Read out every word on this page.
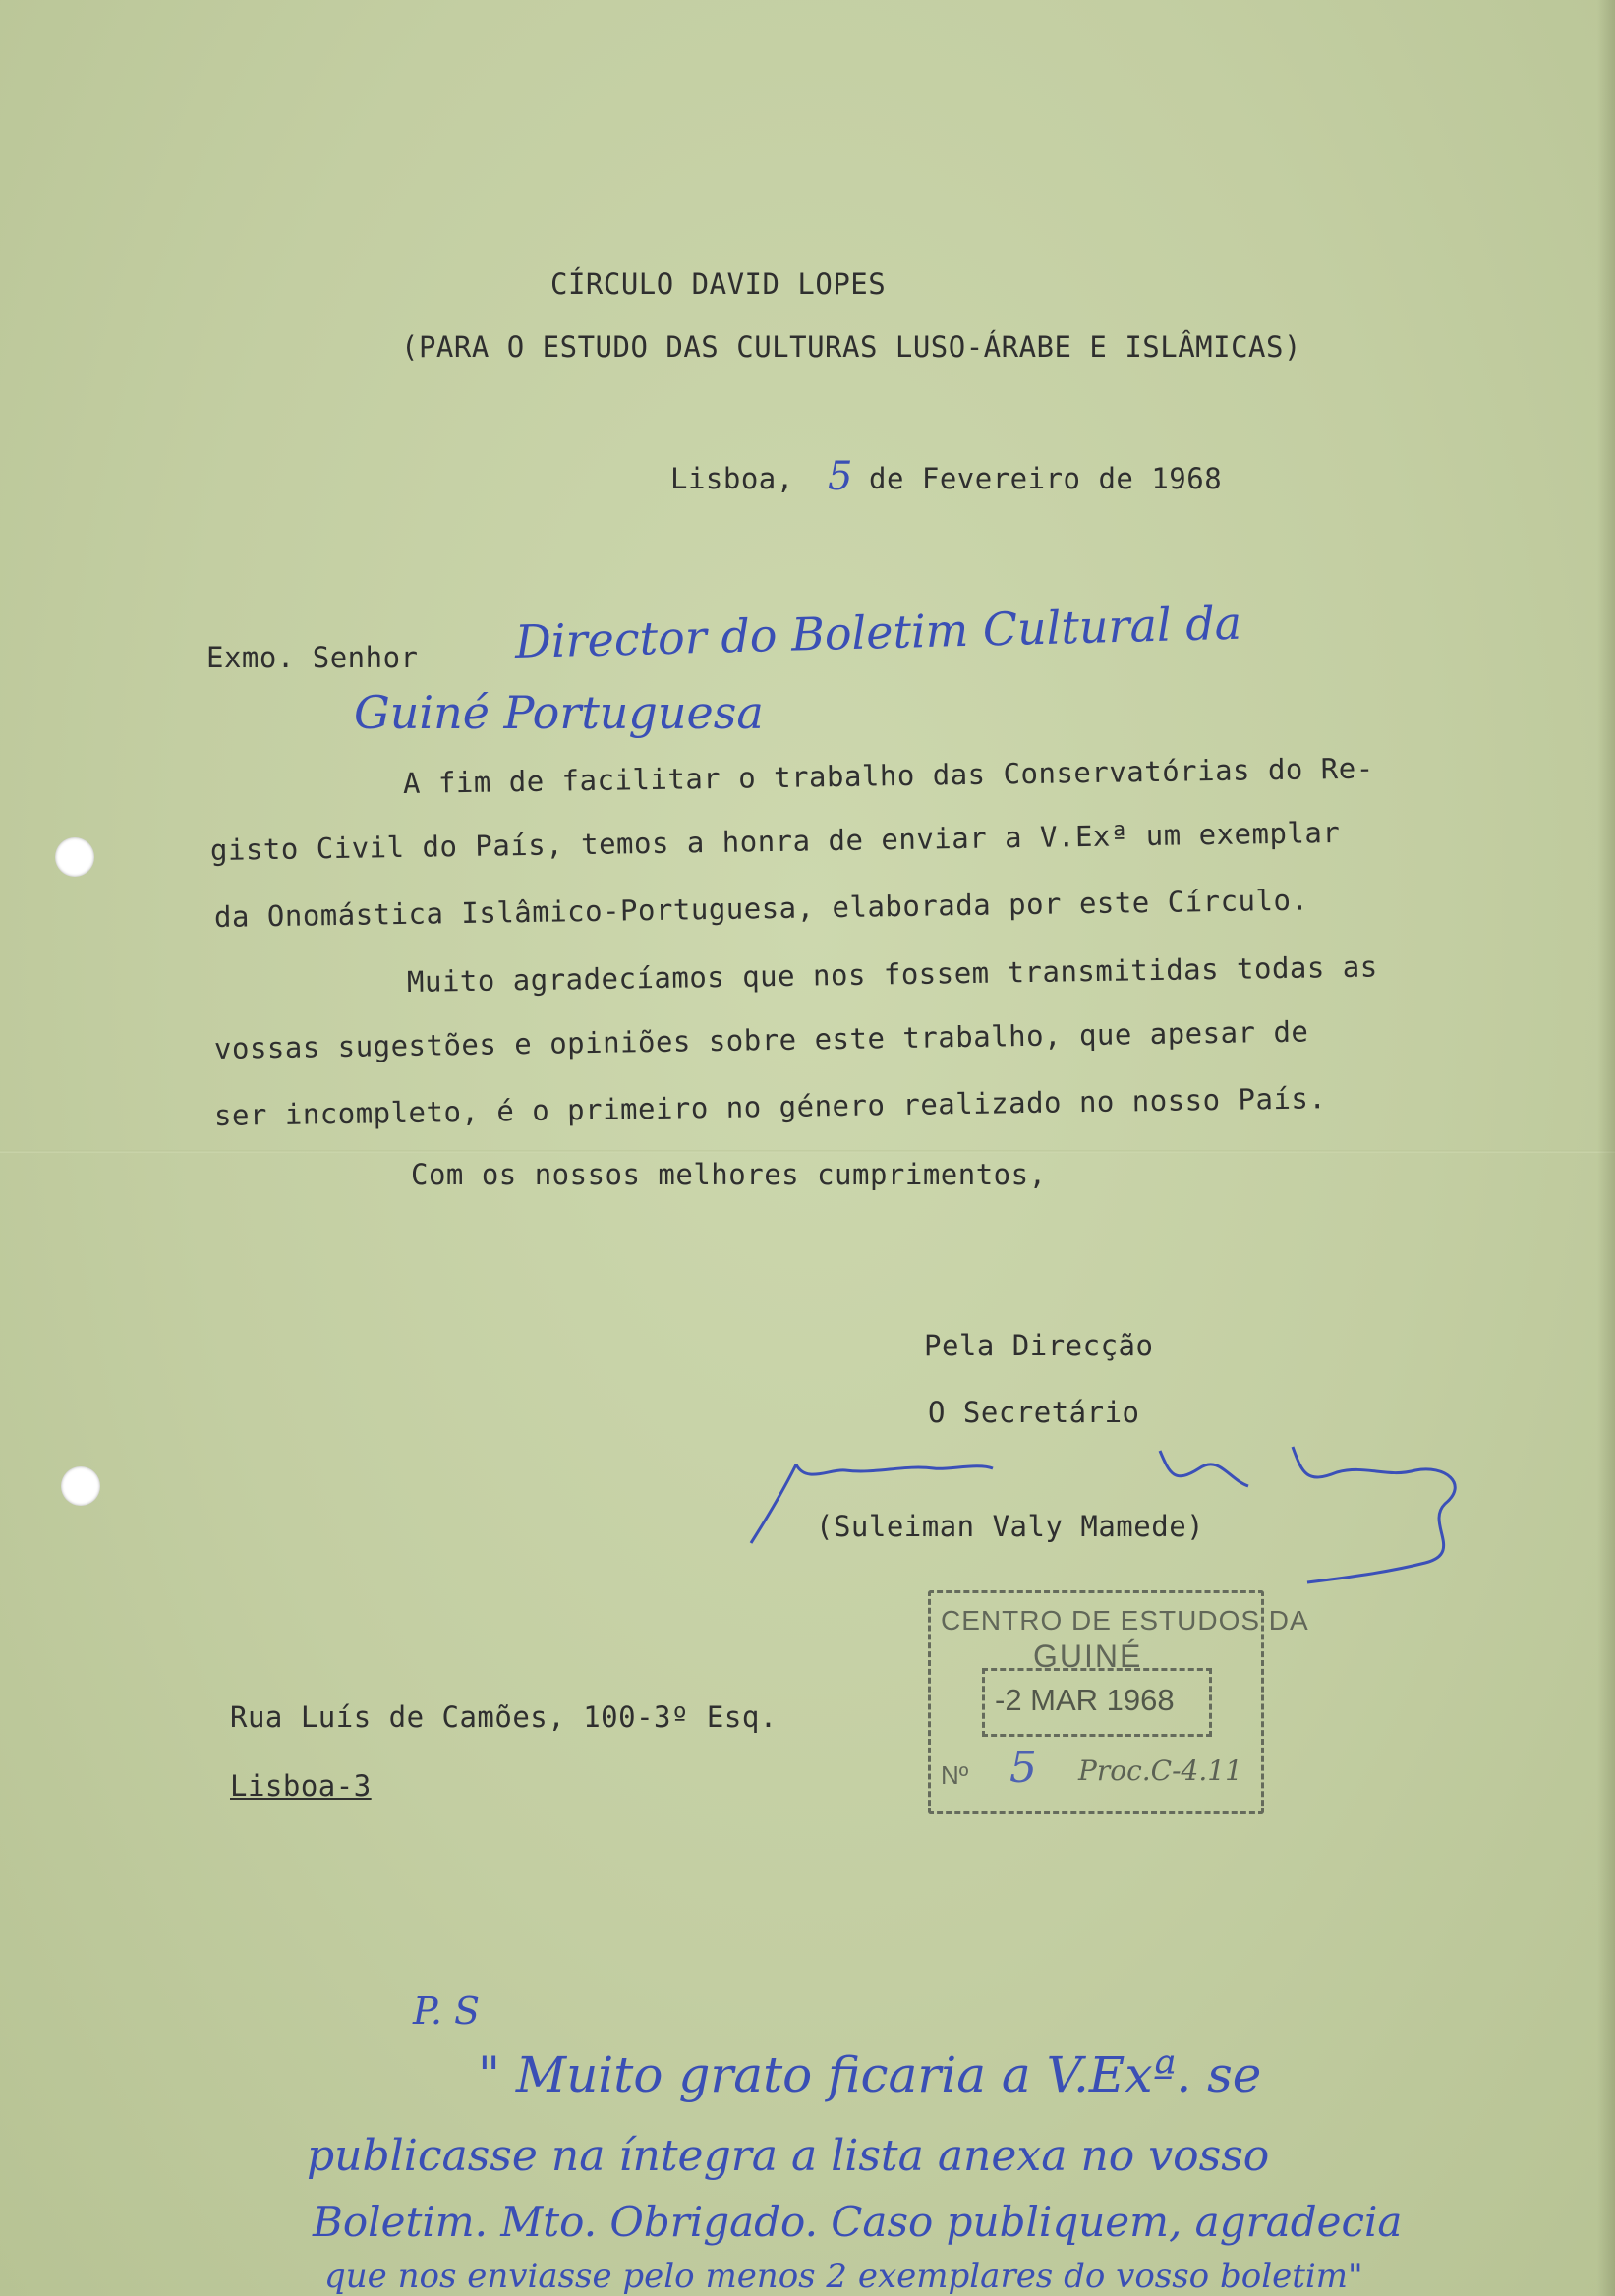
CÍRCULO DAVID LOPES
(PARA O ESTUDO DAS CULTURAS LUSO-ÁRABE E ISLÂMICAS)
Lisboa, 5 de Fevereiro de 1968
Exmo. Senhor Director do Boletim Cultural da
Guiné Portuguesa
A fim de facilitar o trabalho das Conservatórias do Re-
gisto Civil do País, temos a honra de enviar a V.Exª um exemplar
da Onomástica Islâmico-Portuguesa, elaborada por este Círculo.
Muito agradecíamos que nos fossem transmitidas todas as
vossas sugestões e opiniões sobre este trabalho, que apesar de
ser incompleto, é o primeiro no género realizado no nosso País.
Com os nossos melhores cumprimentos,
Pela Direcção
O Secretário
(Suleiman Valy Mamede)
Rua Luís de Camões, 100-3º Esq.
Lisboa-3
CENTRO DE ESTUDOS DA
GUINÉ
-2 MAR 1968
Nº 5 Proc.C-4.11
P. S
" Muito grato ficaria a V.Exª. se
publicasse na íntegra a lista anexa no vosso
Boletim. Mto. Obrigado. Caso publiquem, agradecia
que nos enviasse pelo menos 2 exemplares do vosso boletim"
